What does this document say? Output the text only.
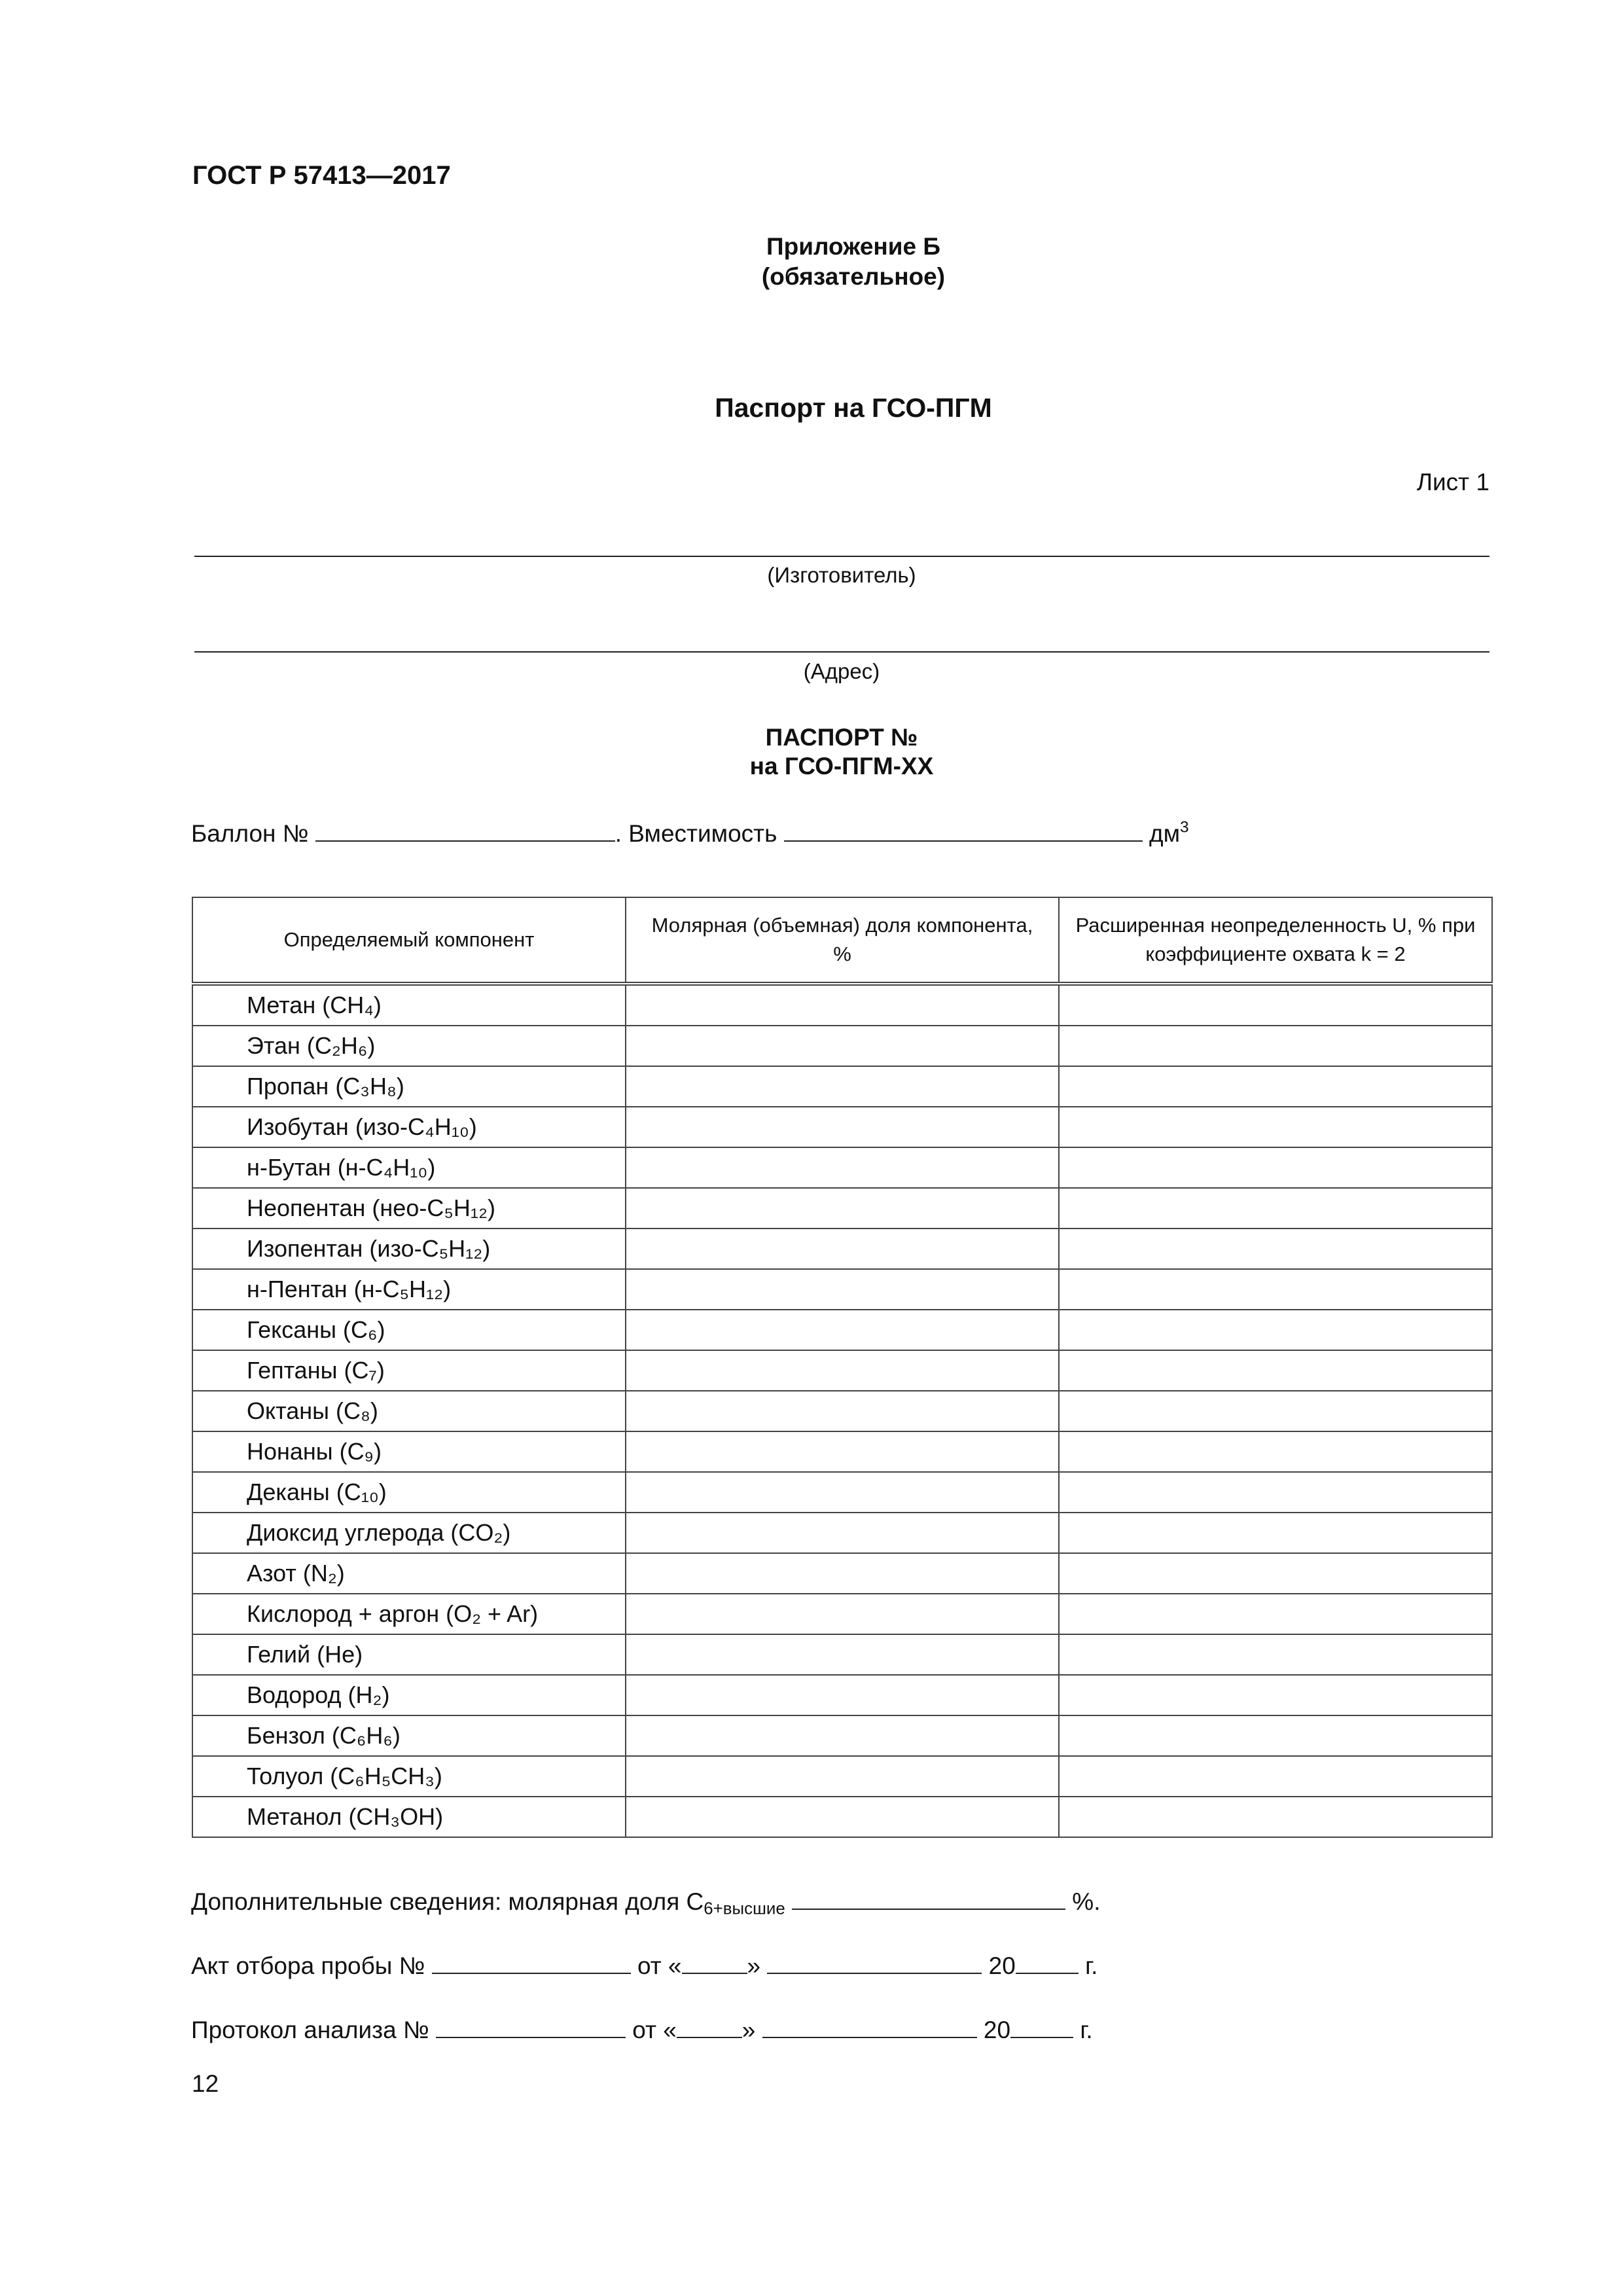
ГОСТ Р 57413—2017
Приложение Б
(обязательное)
Паспорт на ГСО-ПГМ
Лист 1
(Изготовитель)
(Адрес)
ПАСПОРТ №
на ГСО-ПГМ-XX
Баллон №	. Вместимость	$дм^3$
Определяемый компонент	Молярная (объемная) доля компонента, %	Расширенная неопределенность U, % при коэффициенте охвата k = 2
Метан (CH₄)		
Этан (C₂H₆)		
Пропан (C₃H₈)		
Изобутан (изо-C₄H₁₀)		
н-Бутан (н-C₄H₁₀)		
Неопентан (нео-C₅H₁₂)		
Изопентан (изо-C₅H₁₂)		
н-Пентан (н-C₅H₁₂)		
Гексаны (C₆)		
Гептаны (C₇)		
Октаны (C₈)		
Нонаны (C₉)		
Деканы (C₁₀)		
Диоксид углерода (CO₂)		
Азот (N₂)		
Кислород + аргон (O₂ + Ar)		
Гелий (He)		
Водород (H₂)		
Бензол (C₆H₆)		
Толуол (C₆H₅CH₃)		
Метанол (CH₃OH)		
Дополнительные сведения: молярная доля $C_{6+высшие}$	%.
Акт отбора пробы №	от «	»	20	г.
Протокол анализа №	от «	»	20	г.
12
